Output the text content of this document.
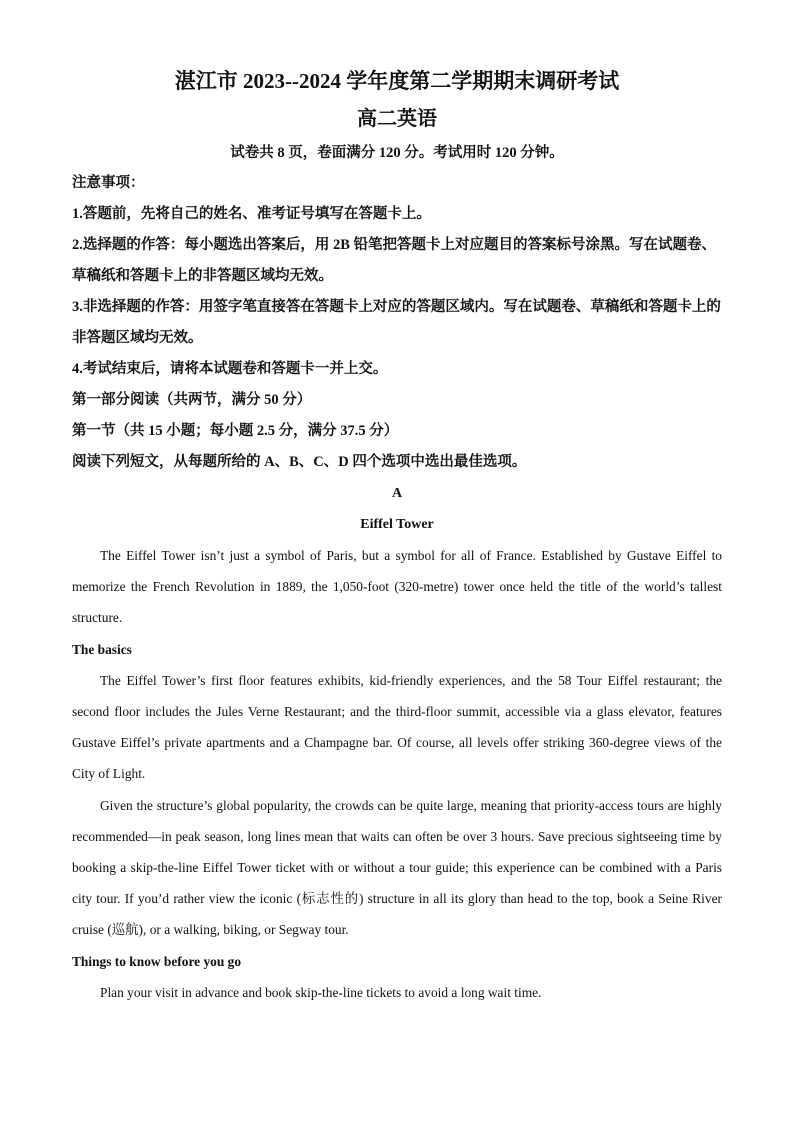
湛江市 2023--2024 学年度第二学期期末调研考试
高二英语

试卷共 8 页，卷面满分 120 分。考试用时 120 分钟。

注意事项：

1.答题前，先将自己的姓名、准考证号填写在答题卡上。

2.选择题的作答：每小题选出答案后，用 2B 铅笔把答题卡上对应题目的答案标号涂黑。写在试题卷、草稿纸和答题卡上的非答题区域均无效。

3.非选择题的作答：用签字笔直接答在答题卡上对应的答题区域内。写在试题卷、草稿纸和答题卡上的非答题区域均无效。

4.考试结束后，请将本试题卷和答题卡一并上交。

第一部分阅读（共两节，满分 50 分）

第一节（共 15 小题；每小题 2.5 分，满分 37.5 分）

阅读下列短文，从每题所给的 A、B、C、D 四个选项中选出最佳选项。

A

Eiffel Tower

The Eiffel Tower isn’t just a symbol of Paris, but a symbol for all of France. Established by Gustave Eiffel to memorize the French Revolution in 1889, the 1,050-foot (320-metre) tower once held the title of the world’s tallest structure.

The basics

The Eiffel Tower’s first floor features exhibits, kid-friendly experiences, and the 58 Tour Eiffel restaurant; the second floor includes the Jules Verne Restaurant; and the third-floor summit, accessible via a glass elevator, features Gustave Eiffel’s private apartments and a Champagne bar. Of course, all levels offer striking 360-degree views of the City of Light.

Given the structure’s global popularity, the crowds can be quite large, meaning that priority-access tours are highly recommended—in peak season, long lines mean that waits can often be over 3 hours. Save precious sightseeing time by booking a skip-the-line Eiffel Tower ticket with or without a tour guide; this experience can be combined with a Paris city tour. If you’d rather view the iconic (标志性的) structure in all its glory than head to the top, book a Seine River cruise (巡航), or a walking, biking, or Segway tour.

Things to know before you go

Plan your visit in advance and book skip-the-line tickets to avoid a long wait time.
